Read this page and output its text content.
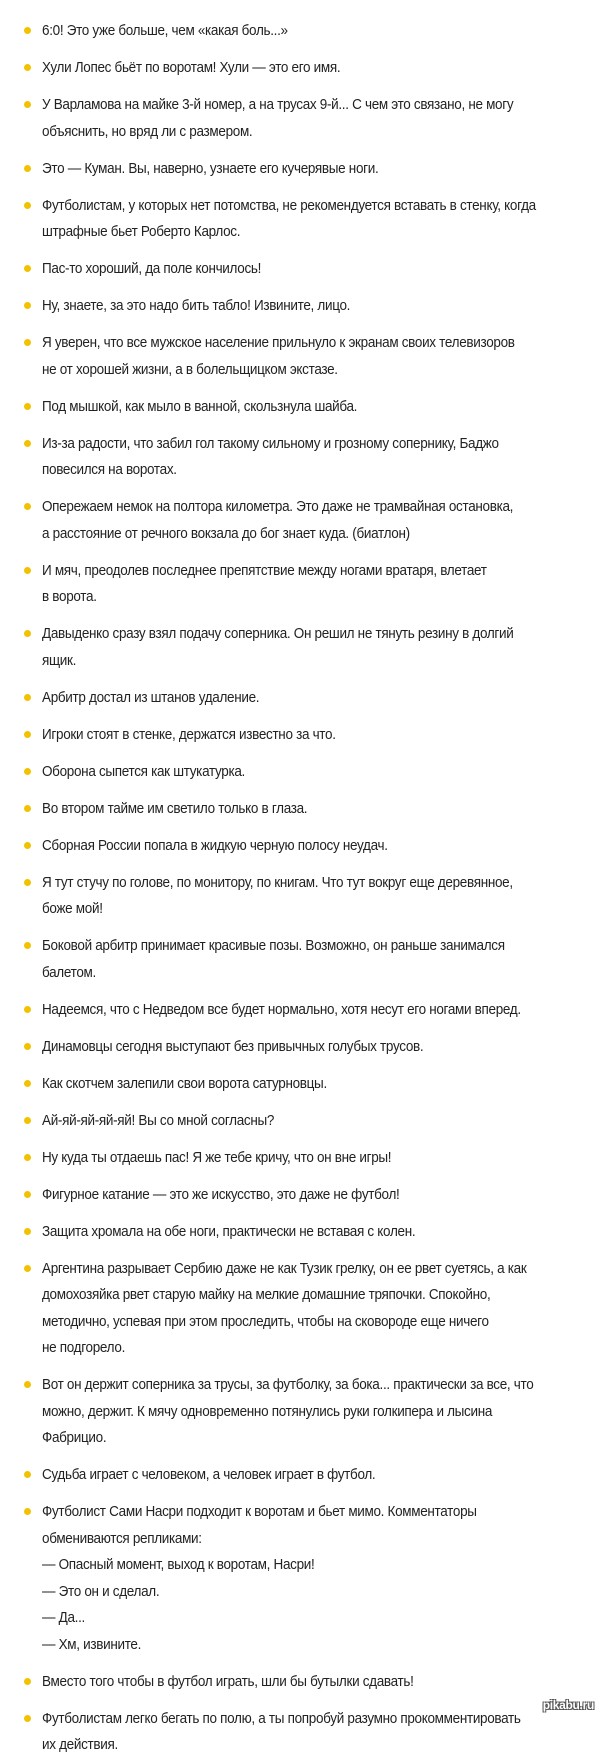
6:0! Это уже больше, чем «какая боль...»
Хули Лопес бьёт по воротам! Хули — это его имя.
У Варламова на майке 3-й номер, а на трусах 9-й... С чем это связано, не могу
объяснить, но вряд ли с размером.
Это — Куман. Вы, наверно, узнаете его кучерявые ноги.
Футболистам, у которых нет потомства, не рекомендуется вставать в стенку, когда
штрафные бьет Роберто Карлос.
Пас-то хороший, да поле кончилось!
Ну, знаете, за это надо бить табло! Извините, лицо.
Я уверен, что все мужское население прильнуло к экранам своих телевизоров
не от хорошей жизни, а в болельщицком экстазе.
Под мышкой, как мыло в ванной, скользнула шайба.
Из-за радости, что забил гол такому сильному и грозному сопернику, Баджо
повесился на воротах.
Опережаем немок на полтора километра. Это даже не трамвайная остановка,
а расстояние от речного вокзала до бог знает куда. (биатлон)
И мяч, преодолев последнее препятствие между ногами вратаря, влетает
в ворота.
Давыденко сразу взял подачу соперника. Он решил не тянуть резину в долгий
ящик.
Арбитр достал из штанов удаление.
Игроки стоят в стенке, держатся известно за что.
Оборона сыпется как штукатурка.
Во втором тайме им светило только в глаза.
Сборная России попала в жидкую черную полосу неудач.
Я тут стучу по голове, по монитору, по книгам. Что тут вокруг еще деревянное,
боже мой!
Боковой арбитр принимает красивые позы. Возможно, он раньше занимался
балетом.
Надеемся, что с Недведом все будет нормально, хотя несут его ногами вперед.
Динамовцы сегодня выступают без привычных голубых трусов.
Как скотчем залепили свои ворота сатурновцы.
Ай-яй-яй-яй-яй! Вы со мной согласны?
Ну куда ты отдаешь пас! Я же тебе кричу, что он вне игры!
Фигурное катание — это же искусство, это даже не футбол!
Защита хромала на обе ноги, практически не вставая с колен.
Аргентина разрывает Сербию даже не как Тузик грелку, он ее рвет суетясь, а как
домохозяйка рвет старую майку на мелкие домашние тряпочки. Спокойно,
методично, успевая при этом проследить, чтобы на сковороде еще ничего
не подгорело.
Вот он держит соперника за трусы, за футболку, за бока... практически за все, что
можно, держит. К мячу одновременно потянулись руки голкипера и лысина
Фабрицио.
Судьба играет с человеком, а человек играет в футбол.
Футболист Сами Насри подходит к воротам и бьет мимо. Комментаторы
обмениваются репликами:
— Опасный момент, выход к воротам, Насри!
— Это он и сделал.
— Да...
— Хм, извините.
Вместо того чтобы в футбол играть, шли бы бутылки сдавать!
Футболистам легко бегать по полю, а ты попробуй разумно прокомментировать
их действия.
pikabu.ru
